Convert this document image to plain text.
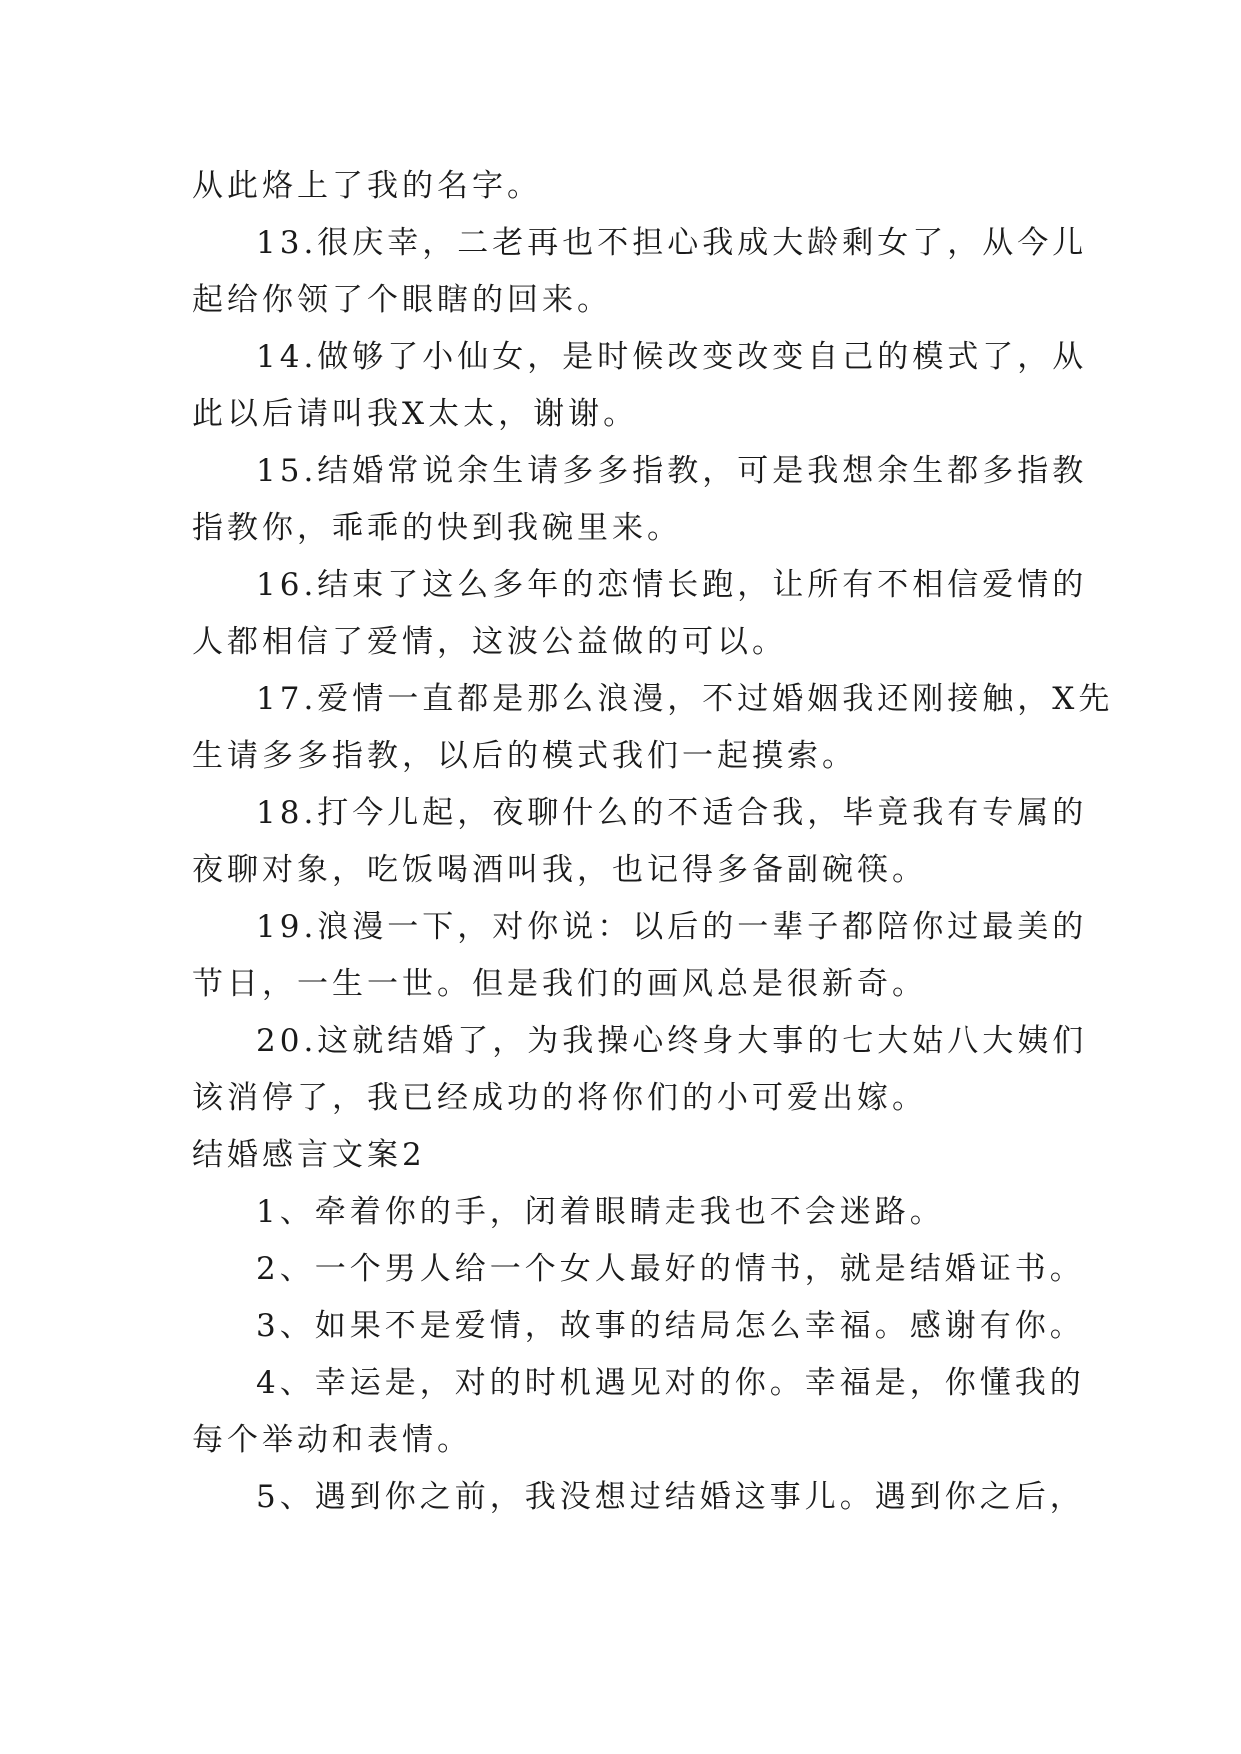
从此烙上了我的名字。
13.很庆幸，二老再也不担心我成大龄剩女了，从今儿
起给你领了个眼瞎的回来。
14.做够了小仙女，是时候改变改变自己的模式了，从
此以后请叫我X太太，谢谢。
15.结婚常说余生请多多指教，可是我想余生都多指教
指教你，乖乖的快到我碗里来。
16.结束了这么多年的恋情长跑，让所有不相信爱情的
人都相信了爱情，这波公益做的可以。
17.爱情一直都是那么浪漫，不过婚姻我还刚接触，X先
生请多多指教，以后的模式我们一起摸索。
18.打今儿起，夜聊什么的不适合我，毕竟我有专属的
夜聊对象，吃饭喝酒叫我，也记得多备副碗筷。
19.浪漫一下，对你说：以后的一辈子都陪你过最美的
节日，一生一世。但是我们的画风总是很新奇。
20.这就结婚了，为我操心终身大事的七大姑八大姨们
该消停了，我已经成功的将你们的小可爱出嫁。
结婚感言文案2
1、牵着你的手，闭着眼睛走我也不会迷路。
2、一个男人给一个女人最好的情书，就是结婚证书。
3、如果不是爱情，故事的结局怎么幸福。感谢有你。
4、幸运是，对的时机遇见对的你。幸福是，你懂我的
每个举动和表情。
5、遇到你之前，我没想过结婚这事儿。遇到你之后，
